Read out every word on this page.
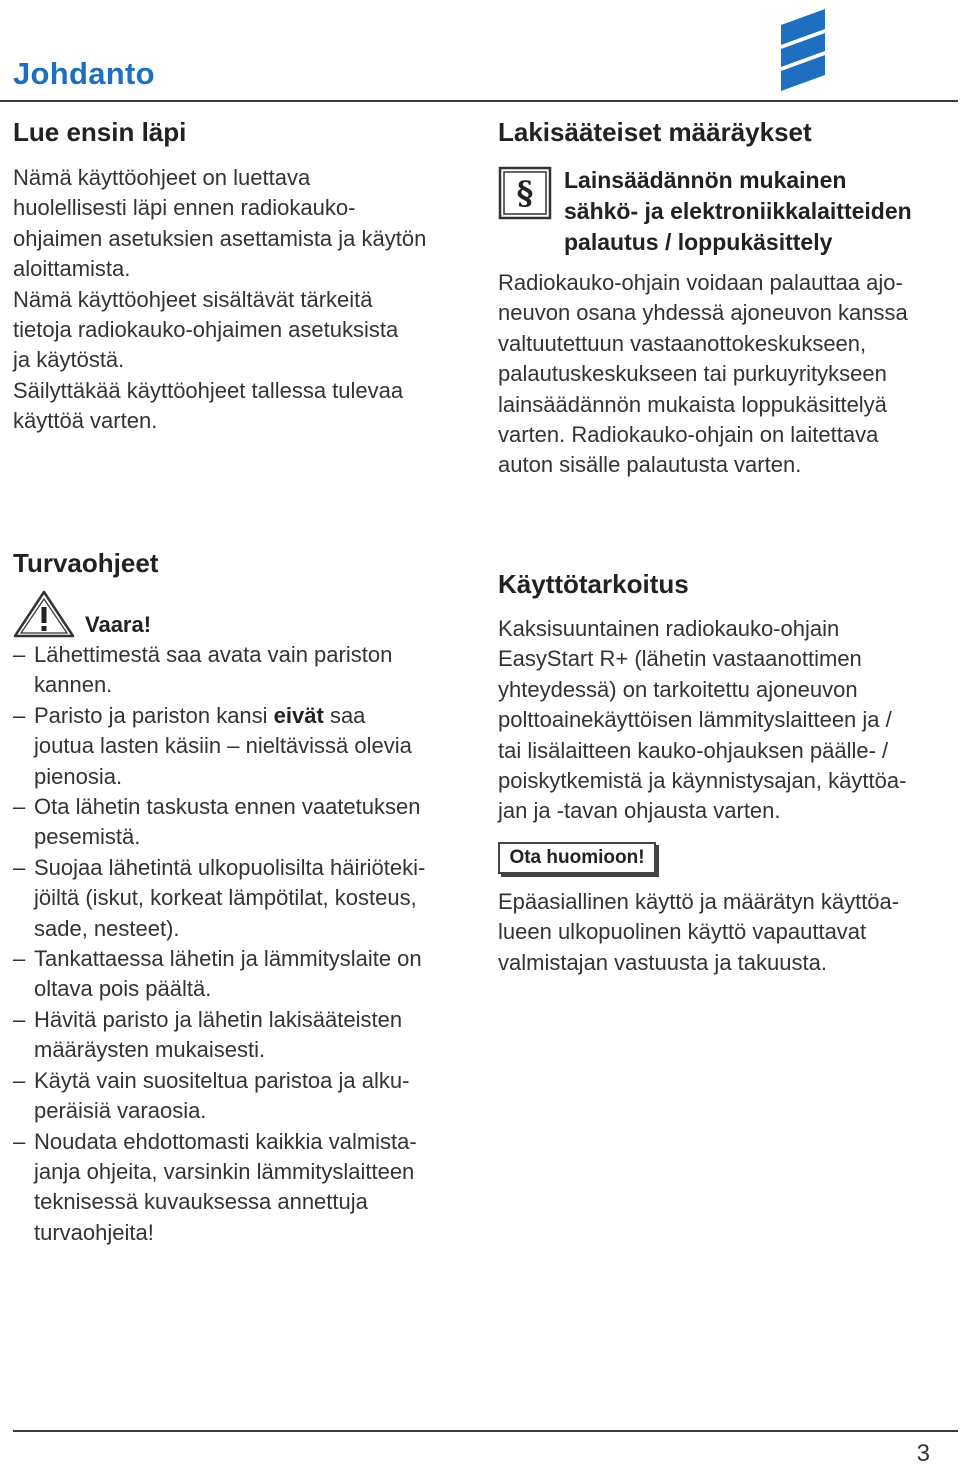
Johdanto
Lue ensin läpi
Nämä käyttöohjeet on luettava
huolellisesti läpi ennen radiokauko-
ohjaimen asetuksien asettamista ja käytön
aloittamista.
Nämä käyttöohjeet sisältävät tärkeitä
tietoja radiokauko-ohjaimen asetuksista
ja käytöstä.
Säilyttäkää käyttöohjeet tallessa tulevaa
käyttöä varten.
Lakisääteiset määräykset
§ Lainsäädännön mukainen
sähkö- ja elektroniikkalaitteiden
palautus / loppukäsittely
Radiokauko-ohjain voidaan palauttaa ajo-
neuvon osana yhdessä ajoneuvon kanssa
valtuutettuun vastaanottokeskukseen,
palautuskeskukseen tai purkuyritykseen
lainsäädännön mukaista loppukäsittelyä
varten. Radiokauko-ohjain on laitettava
auton sisälle palautusta varten.
Turvaohjeet
Vaara!
– Lähettimestä saa avata vain pariston
kannen.
– Paristo ja pariston kansi eivät saa
joutua lasten käsiin – nieltävissä olevia
pienosia.
– Ota lähetin taskusta ennen vaatetuksen
pesemistä.
– Suojaa lähetintä ulkopuolisilta häiriöteki-
jöiltä (iskut, korkeat lämpötilat, kosteus,
sade, nesteet).
– Tankattaessa lähetin ja lämmityslaite on
oltava pois päältä.
– Hävitä paristo ja lähetin lakisääteisten
määräysten mukaisesti.
– Käytä vain suositeltua paristoa ja alku-
peräisiä varaosia.
– Noudata ehdottomasti kaikkia valmista-
janja ohjeita, varsinkin lämmityslaitteen
teknisessä kuvauksessa annettuja
turvaohjeita!
Käyttötarkoitus
Kaksisuuntainen radiokauko-ohjain
EasyStart R+ (lähetin vastaanottimen
yhteydessä) on tarkoitettu ajoneuvon
polttoainekäyttöisen lämmityslaitteen ja /
tai lisälaitteen kauko-ohjauksen päälle- /
poiskytkemistä ja käynnistysajan, käyttöa-
jan ja -tavan ohjausta varten.
Ota huomioon!
Epäasiallinen käyttö ja määrätyn käyttöa-
lueen ulkopuolinen käyttö vapauttavat
valmistajan vastuusta ja takuusta.
3
